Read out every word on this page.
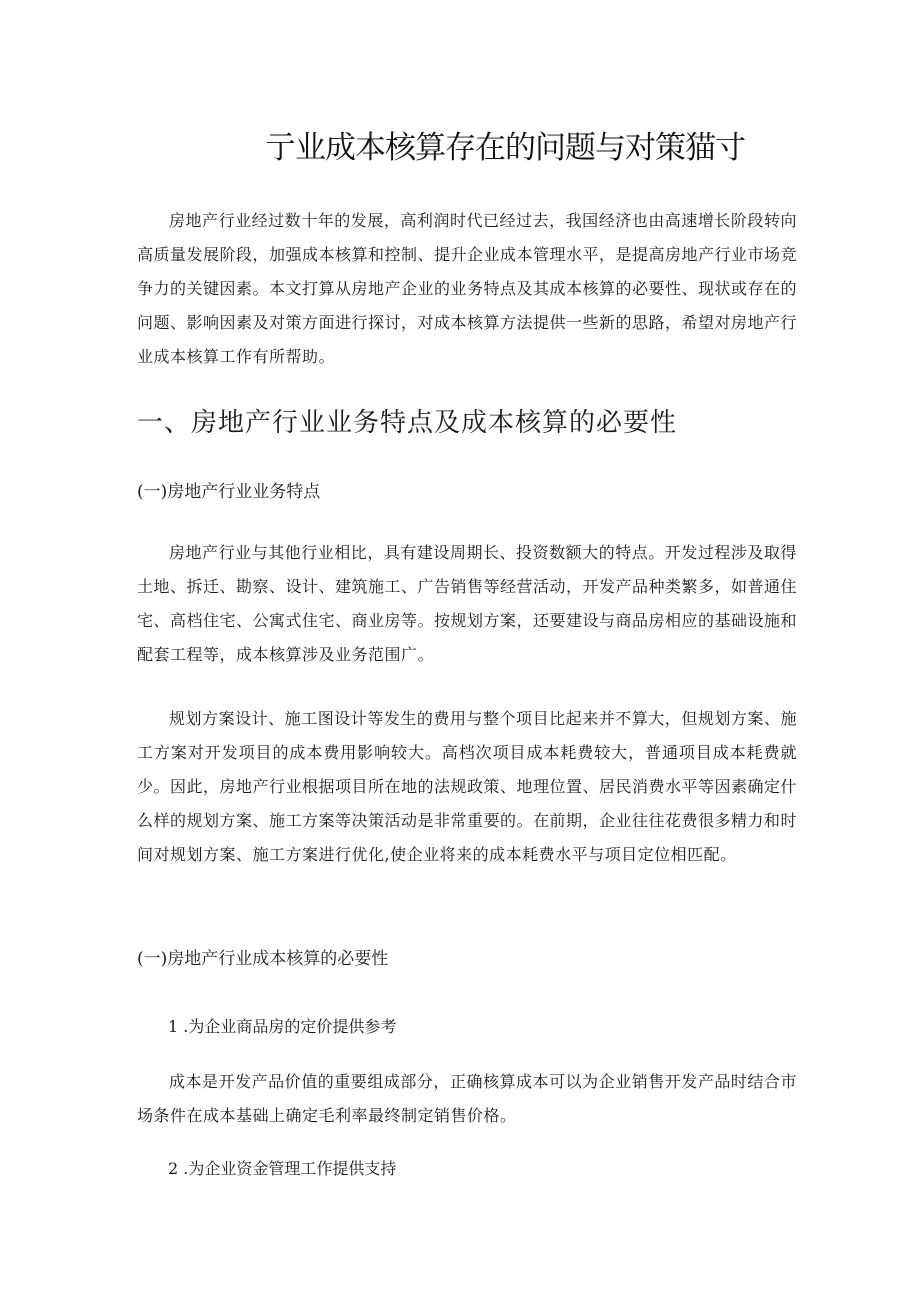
亍业成本核算存在的问题与对策猫寸

房地产行业经过数十年的发展，高利润时代已经过去，我国经济也由高速增长阶段转向高质量发展阶段，加强成本核算和控制、提升企业成本管理水平，是提高房地产行业市场竞争力的关键因素。本文打算从房地产企业的业务特点及其成本核算的必要性、现状或存在的问题、影响因素及对策方面进行探讨，对成本核算方法提供一些新的思路，希望对房地产行业成本核算工作有所帮助。

一、房地产行业业务特点及成本核算的必要性
(一)房地产行业业务特点

房地产行业与其他行业相比，具有建设周期长、投资数额大的特点。开发过程涉及取得土地、拆迁、勘察、设计、建筑施工、广告销售等经营活动，开发产品种类繁多，如普通住宅、高档住宅、公寓式住宅、商业房等。按规划方案，还要建设与商品房相应的基础设施和配套工程等，成本核算涉及业务范围广。

规划方案设计、施工图设计等发生的费用与整个项目比起来并不算大，但规划方案、施工方案对开发项目的成本费用影响较大。高档次项目成本耗费较大，普通项目成本耗费就少。因此，房地产行业根据项目所在地的法规政策、地理位置、居民消费水平等因素确定什么样的规划方案、施工方案等决策活动是非常重要的。在前期，企业往往花费很多精力和时间对规划方案、施工方案进行优化,使企业将来的成本耗费水平与项目定位相匹配。

(一)房地产行业成本核算的必要性
1 .为企业商品房的定价提供参考

成本是开发产品价值的重要组成部分，正确核算成本可以为企业销售开发产品时结合市场条件在成本基础上确定毛利率最终制定销售价格。

2 .为企业资金管理工作提供支持
